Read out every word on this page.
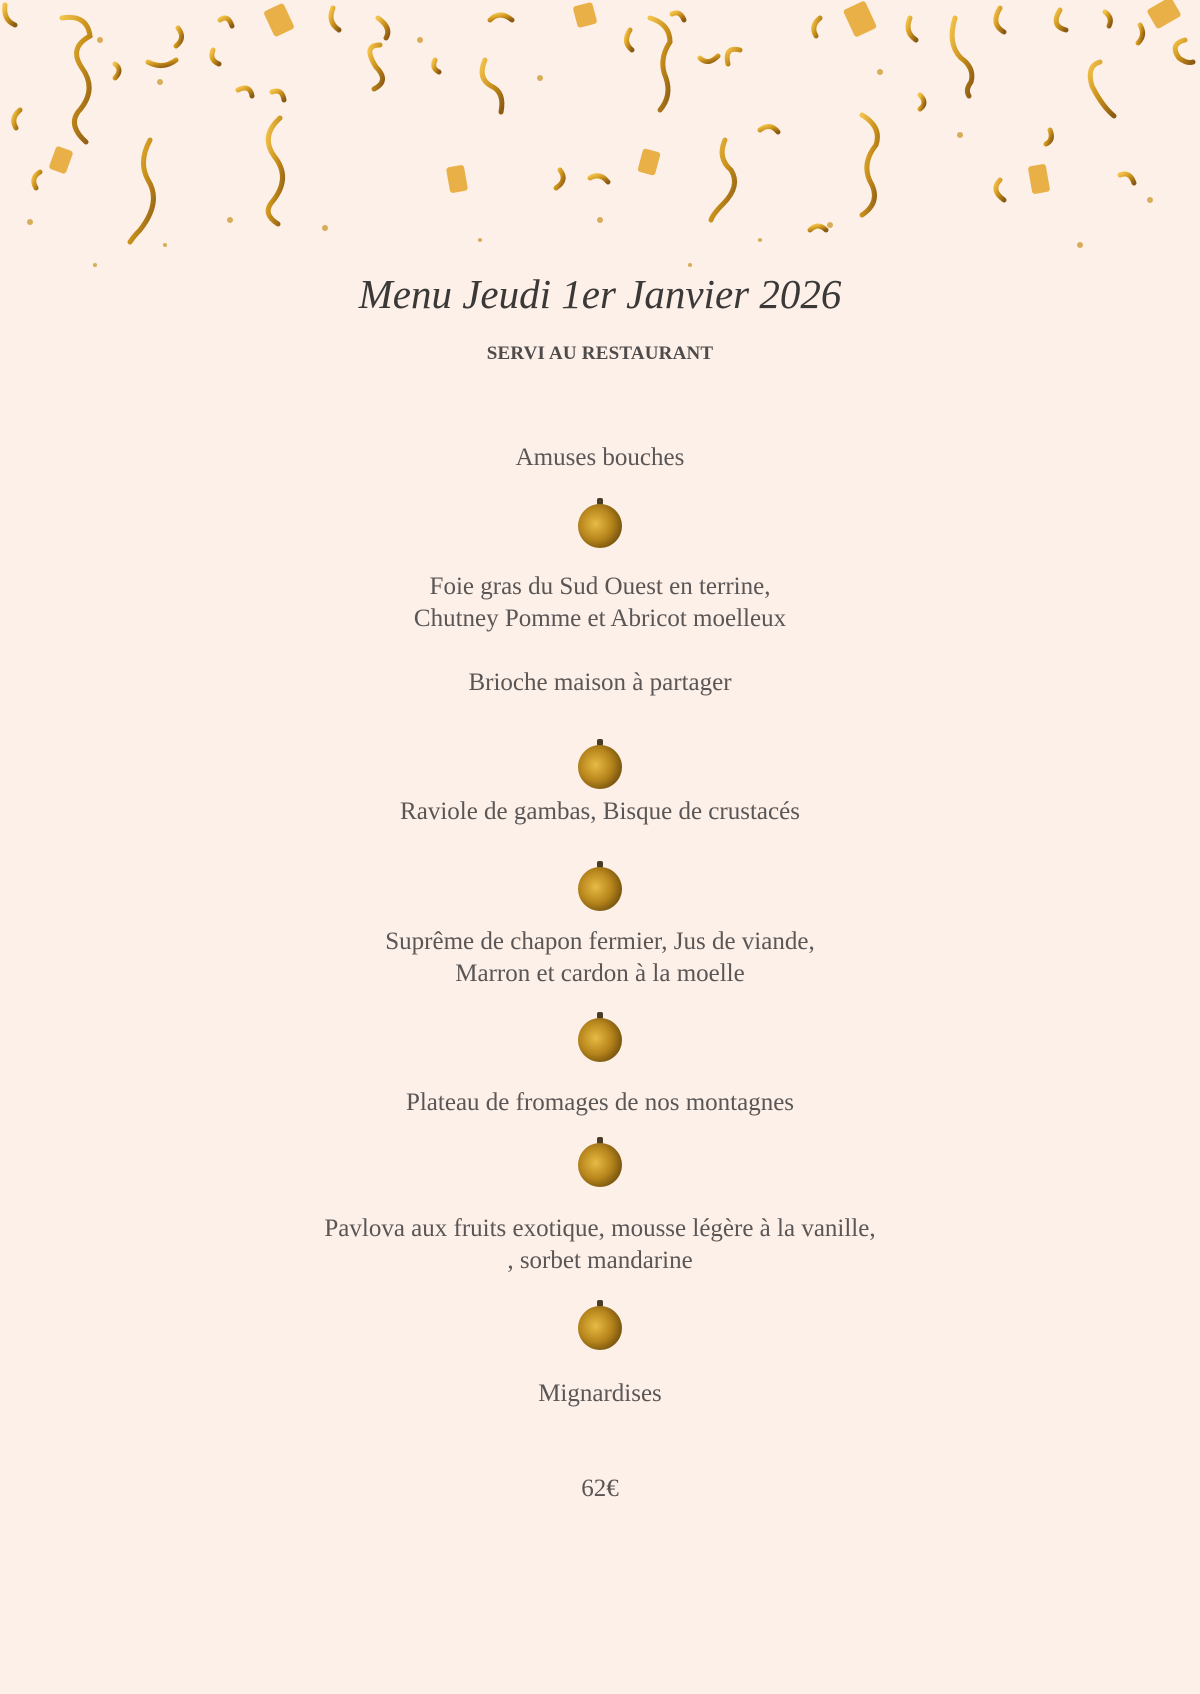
Menu Jeudi 1er Janvier 2026
SERVI AU RESTAURANT
Amuses bouches
Foie gras du Sud Ouest en terrine,
Chutney Pomme et Abricot moelleux
Brioche maison à partager
Raviole de gambas, Bisque de crustacés
Suprême de chapon fermier, Jus de viande,
Marron et cardon à la moelle
Plateau de fromages de nos montagnes
Pavlova aux fruits exotique, mousse légère à la vanille,
, sorbet mandarine
Mignardises
62€
